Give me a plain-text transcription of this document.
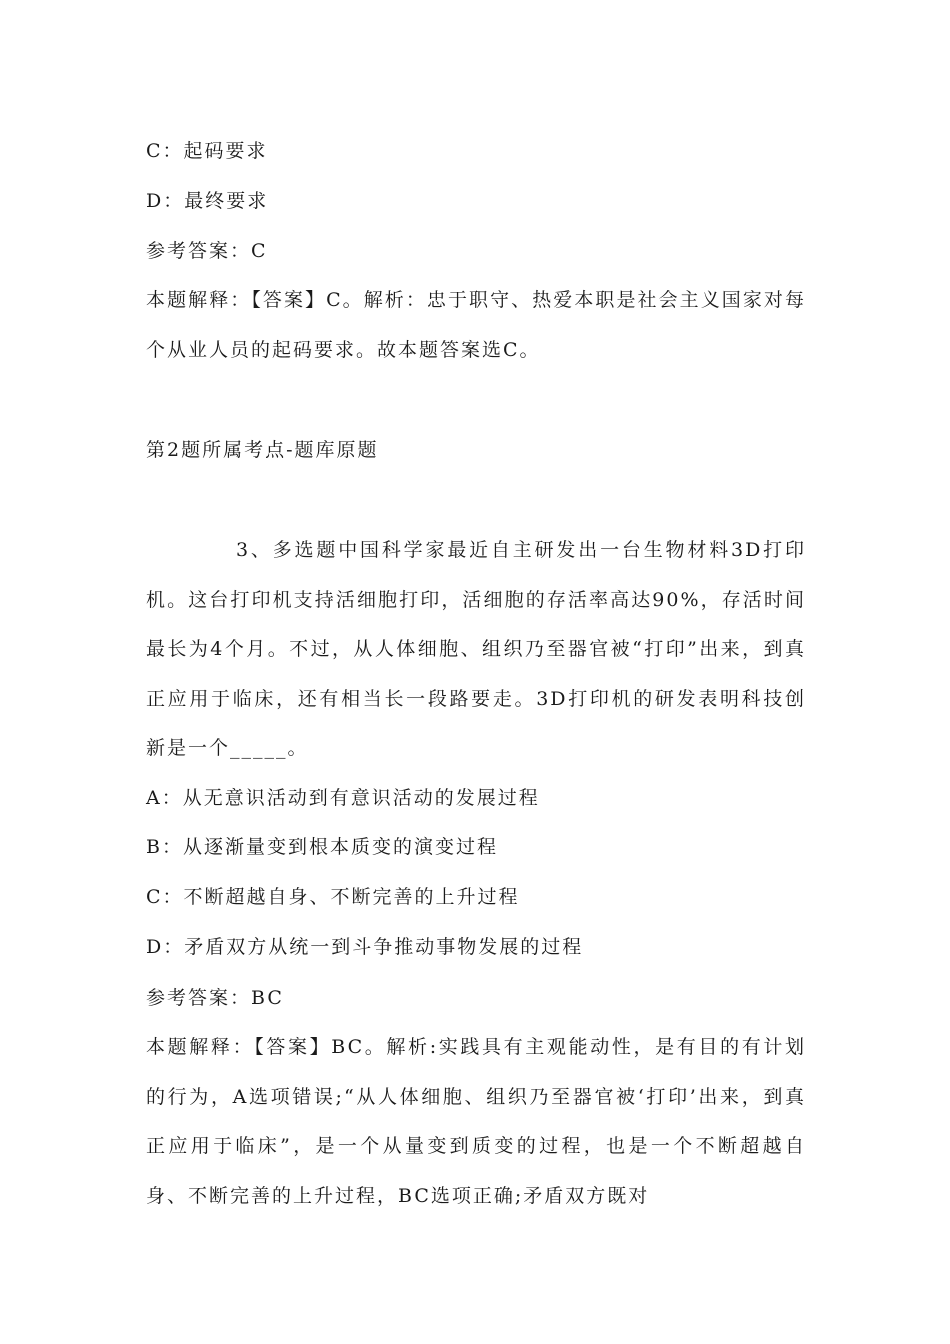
C：起码要求
D：最终要求
参考答案：C
本题解释：【答案】C。解析：忠于职守、热爱本职是社会主义国家对每个从业人员的起码要求。故本题答案选C。
第2题所属考点-题库原题
3、多选题中国科学家最近自主研发出一台生物材料3D打印机。这台打印机支持活细胞打印，活细胞的存活率高达90%，存活时间最长为4个月。不过，从人体细胞、组织乃至器官被“打印”出来，到真正应用于临床，还有相当长一段路要走。3D打印机的研发表明科技创新是一个_____。
A：从无意识活动到有意识活动的发展过程
B：从逐渐量变到根本质变的演变过程
C：不断超越自身、不断完善的上升过程
D：矛盾双方从统一到斗争推动事物发展的过程
参考答案：BC
本题解释：【答案】BC。解析:实践具有主观能动性，是有目的有计划的行为，A选项错误;“从人体细胞、组织乃至器官被‘打印’出来，到真正应用于临床”，是一个从量变到质变的过程，也是一个不断超越自身、不断完善的上升过程，BC选项正确;矛盾双方既对
